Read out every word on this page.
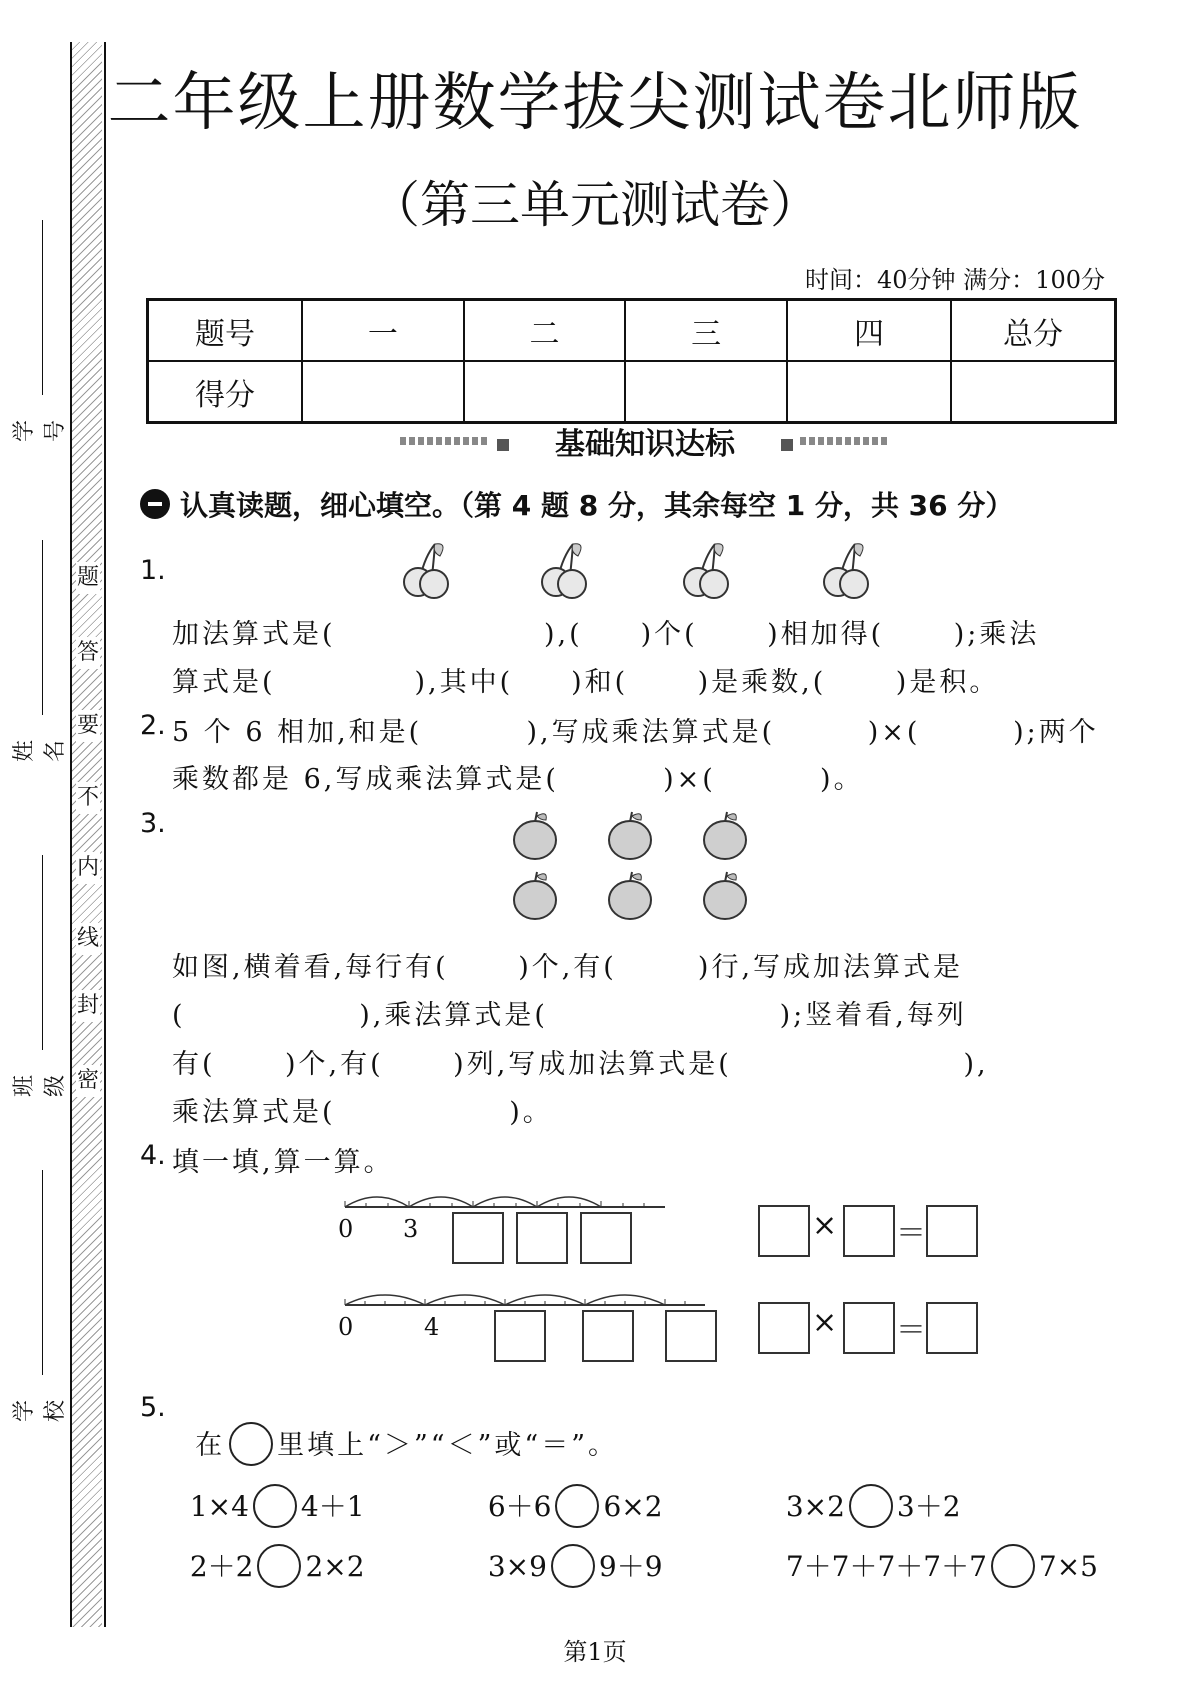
密
封
线
内
不
要
答
题
学号
姓名
班级
学校
二年级上册数学拔尖测试卷北师版
（第三单元测试卷）
时间：40分钟 满分：100分
题号	一	二	三	四	总分
得分					
基础知识达标
认真读题，细心填空。（第 4 题 8 分，其余每空 1 分，共 36 分）
1.
加法算式是(                  ),(     )个(      )相加得(      );乘法
算式是(            ),其中(     )和(      )是乘数,(      )是积。
2. 5 个 6 相加,和是(         ),写成乘法算式是(        )×(        );两个
乘数都是 6,写成乘法算式是(         )×(         )。
3.
如图,横着看,每行有(      )个,有(       )行,写成加法算式是
(               ),乘法算式是(                    );竖着看,每列
有(      )个,有(      )列,写成加法算式是(                    ),
乘法算式是(               )。
4. 填一填,算一算。
0 3	× ＝
0	4	× ＝
5.

在 里填上“＞”“＜”或“＝”。

1×4 4＋1	6＋6 6×2	3×2 3＋2

2＋2 2×2	3×9 9＋9	7＋7＋7＋7＋7 7×5

第1页
